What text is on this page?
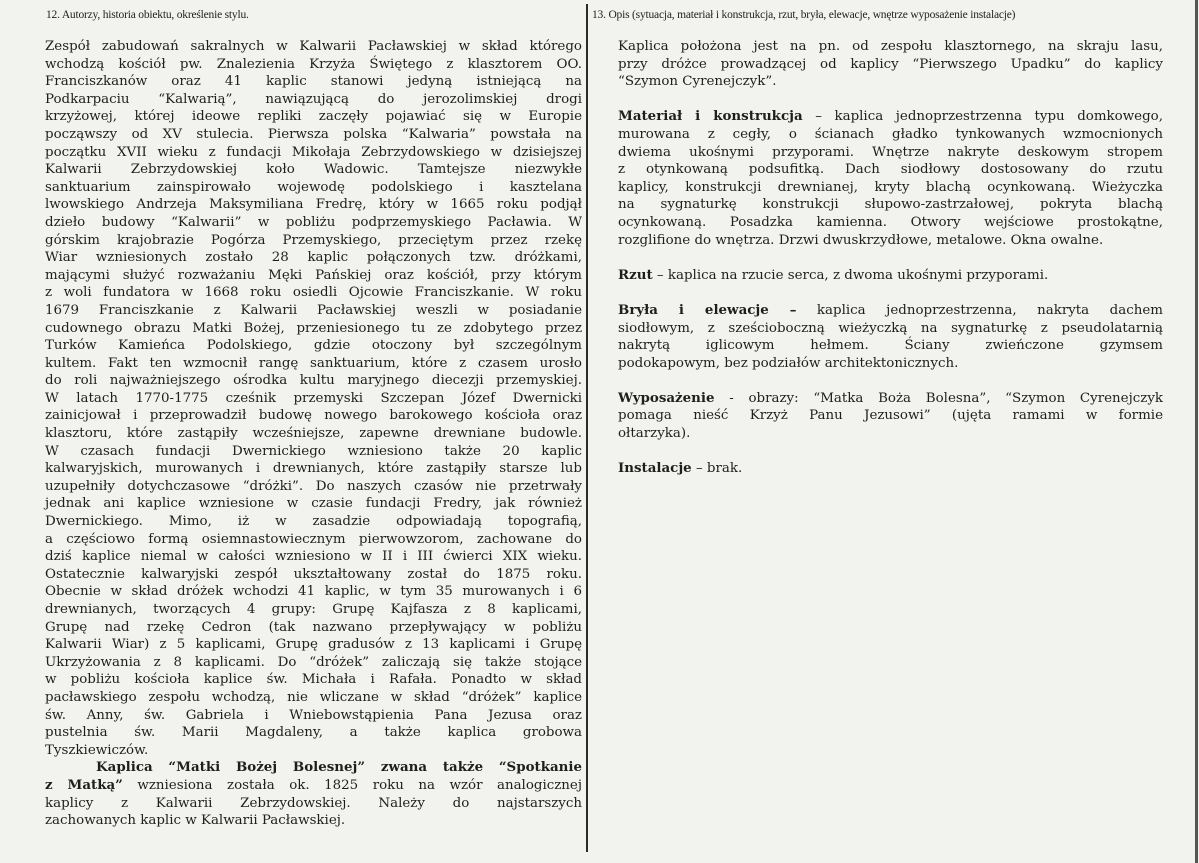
12. Autorzy, historia obiektu, określenie stylu.	13. Opis (sytuacja, materiał i konstrukcja, rzut, bryła, elewacje, wnętrze wyposażenie instalacje)
Zespół zabudowań sakralnych w Kalwarii Pacławskiej w skład którego
wchodzą kościół pw. Znalezienia Krzyża Świętego z klasztorem OO.
Franciszkanów oraz 41 kaplic stanowi jedyną istniejącą na
Podkarpaciu “Kalwarią”, nawiązującą do jerozolimskiej drogi
krzyżowej, której ideowe repliki zaczęły pojawiać się w Europie
począwszy od XV stulecia. Pierwsza polska “Kalwaria” powstała na
początku XVII wieku z fundacji Mikołaja Zebrzydowskiego w dzisiejszej
Kalwarii Zebrzydowskiej koło Wadowic. Tamtejsze niezwykłe
sanktuarium zainspirowało wojewodę podolskiego i kasztelana
lwowskiego Andrzeja Maksymiliana Fredrę, który w 1665 roku podjął
dzieło budowy “Kalwarii” w pobliżu podprzemyskiego Pacławia. W
górskim krajobrazie Pogórza Przemyskiego, przeciętym przez rzekę
Wiar wzniesionych zostało 28 kaplic połączonych tzw. dróżkami,
mającymi służyć rozważaniu Męki Pańskiej oraz kościół, przy którym
z woli fundatora w 1668 roku osiedli Ojcowie Franciszkanie. W roku
1679 Franciszkanie z Kalwarii Pacławskiej weszli w posiadanie
cudownego obrazu Matki Bożej, przeniesionego tu ze zdobytego przez
Turków Kamieńca Podolskiego, gdzie otoczony był szczególnym
kultem. Fakt ten wzmocnił rangę sanktuarium, które z czasem urosło
do roli najważniejszego ośrodka kultu maryjnego diecezji przemyskiej.
W latach 1770-1775 cześnik przemyski Szczepan Józef Dwernicki
zainicjował i przeprowadził budowę nowego barokowego kościoła oraz
klasztoru, które zastąpiły wcześniejsze, zapewne drewniane budowle.
W czasach fundacji Dwernickiego wzniesiono także 20 kaplic
kalwaryjskich, murowanych i drewnianych, które zastąpiły starsze lub
uzupełniły dotychczasowe “dróżki”. Do naszych czasów nie przetrwały
jednak ani kaplice wzniesione w czasie fundacji Fredry, jak również
Dwernickiego. Mimo, iż w zasadzie odpowiadają topografią,
a częściowo formą osiemnastowiecznym pierwowzorom, zachowane do
dziś kaplice niemal w całości wzniesiono w II i III ćwierci XIX wieku.
Ostatecznie kalwaryjski zespół ukształtowany został do 1875 roku.
Obecnie w skład dróżek wchodzi 41 kaplic, w tym 35 murowanych i 6
drewnianych, tworzących 4 grupy: Grupę Kajfasza z 8 kaplicami,
Grupę nad rzekę Cedron (tak nazwano przepływający w pobliżu
Kalwarii Wiar) z 5 kaplicami, Grupę gradusów z 13 kaplicami i Grupę
Ukrzyżowania z 8 kaplicami. Do “dróżek” zaliczają się także stojące
w pobliżu kościoła kaplice św. Michała i Rafała. Ponadto w skład
pacławskiego zespołu wchodzą, nie wliczane w skład “dróżek” kaplice
św. Anny, św. Gabriela i Wniebowstąpienia Pana Jezusa oraz
pustelnia św. Marii Magdaleny, a także kaplica grobowa
Tyszkiewiczów.
Kaplica “Matki Bożej Bolesnej” zwana także “Spotkanie
z Matką” wzniesiona została ok. 1825 roku na wzór analogicznej
kaplicy z Kalwarii Zebrzydowskiej. Należy do najstarszych
zachowanych kaplic w Kalwarii Pacławskiej.
Kaplica położona jest na pn. od zespołu klasztornego, na skraju lasu,
przy dróżce prowadzącej od kaplicy “Pierwszego Upadku” do kaplicy
“Szymon Cyrenejczyk”.
Materiał i konstrukcja – kaplica jednoprzestrzenna typu domkowego,
murowana z cegły, o ścianach gładko tynkowanych wzmocnionych
dwiema ukośnymi przyporami. Wnętrze nakryte deskowym stropem
z otynkowaną podsufitką. Dach siodłowy dostosowany do rzutu
kaplicy, konstrukcji drewnianej, kryty blachą ocynkowaną. Wieżyczka
na sygnaturkę konstrukcji słupowo-zastrzałowej, pokryta blachą
ocynkowaną. Posadzka kamienna. Otwory wejściowe prostokątne,
rozglifione do wnętrza. Drzwi dwuskrzydłowe, metalowe. Okna owalne.
Rzut – kaplica na rzucie serca, z dwoma ukośnymi przyporami.
Bryła i elewacje – kaplica jednoprzestrzenna, nakryta dachem
siodłowym, z sześcioboczną wieżyczką na sygnaturkę z pseudolatarnią
nakrytą iglicowym hełmem. Ściany zwieńczone gzymsem
podokapowym, bez podziałów architektonicznych.
Wyposażenie - obrazy: “Matka Boża Bolesna”, “Szymon Cyrenejczyk
pomaga nieść Krzyż Panu Jezusowi” (ujęta ramami w formie
ołtarzyka).
Instalacje – brak.
